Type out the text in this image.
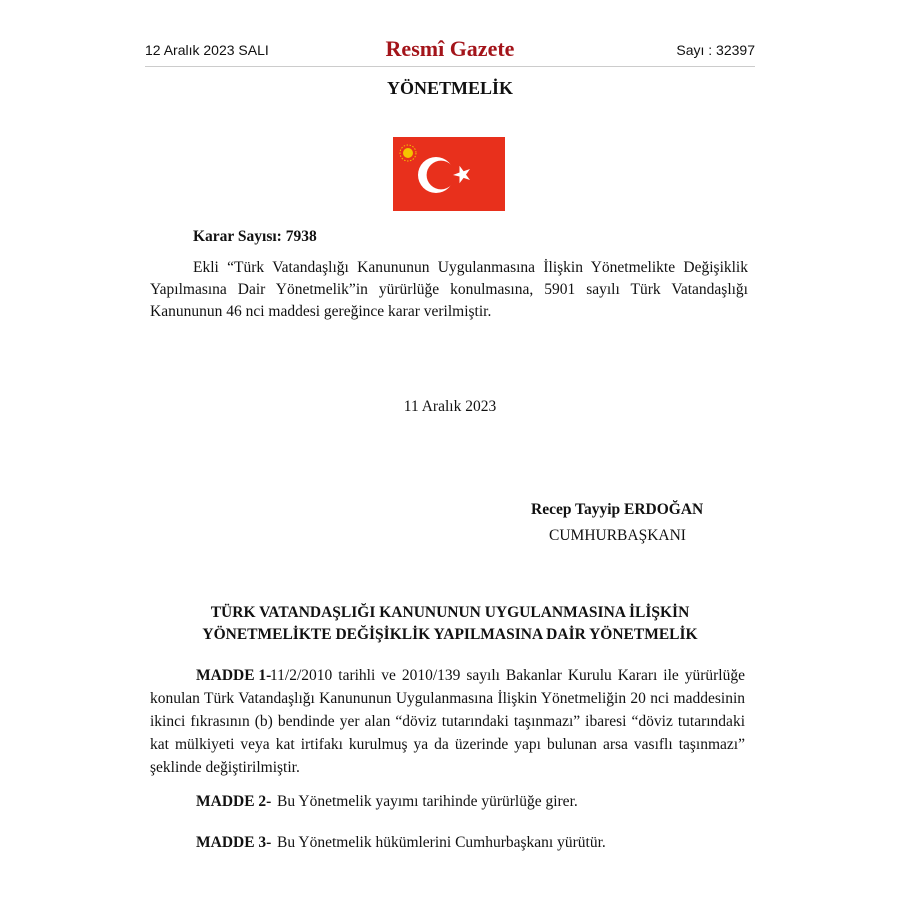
12 Aralık 2023 SALI	Resmî Gazete	Sayı : 32397
YÖNETMELİK
Karar Sayısı: 7938
Ekli “Türk Vatandaşlığı Kanununun Uygulanmasına İlişkin Yönetmelikte Değişiklik
Yapılmasına Dair Yönetmelik”in yürürlüğe konulmasına, 5901 sayılı Türk Vatandaşlığı
Kanununun 46 nci maddesi gereğince karar verilmiştir.
11 Aralık 2023
Recep Tayyip ERDOĞAN
CUMHURBAŞKANI
TÜRK VATANDAŞLIĞI KANUNUNUN UYGULANMASINA İLİŞKİN
YÖNETMELİKTE DEĞİŞİKLİK YAPILMASINA DAİR YÖNETMELİK
MADDE 1-
11/2/2010 tarihli ve 2010/139 sayılı Bakanlar Kurulu Kararı ile yürürlüğe
konulan Türk Vatandaşlığı Kanununun Uygulanmasına İlişkin Yönetmeliğin 20 nci maddesinin
ikinci fıkrasının (b) bendinde yer alan “döviz tutarındaki taşınmazı” ibaresi “döviz tutarındaki
kat mülkiyeti veya kat irtifakı kurulmuş ya da üzerinde yapı bulunan arsa vasıflı taşınmazı”
şeklinde değiştirilmiştir.
MADDE 2- Bu Yönetmelik yayımı tarihinde yürürlüğe girer.
MADDE 3- Bu Yönetmelik hükümlerini Cumhurbaşkanı yürütür.
